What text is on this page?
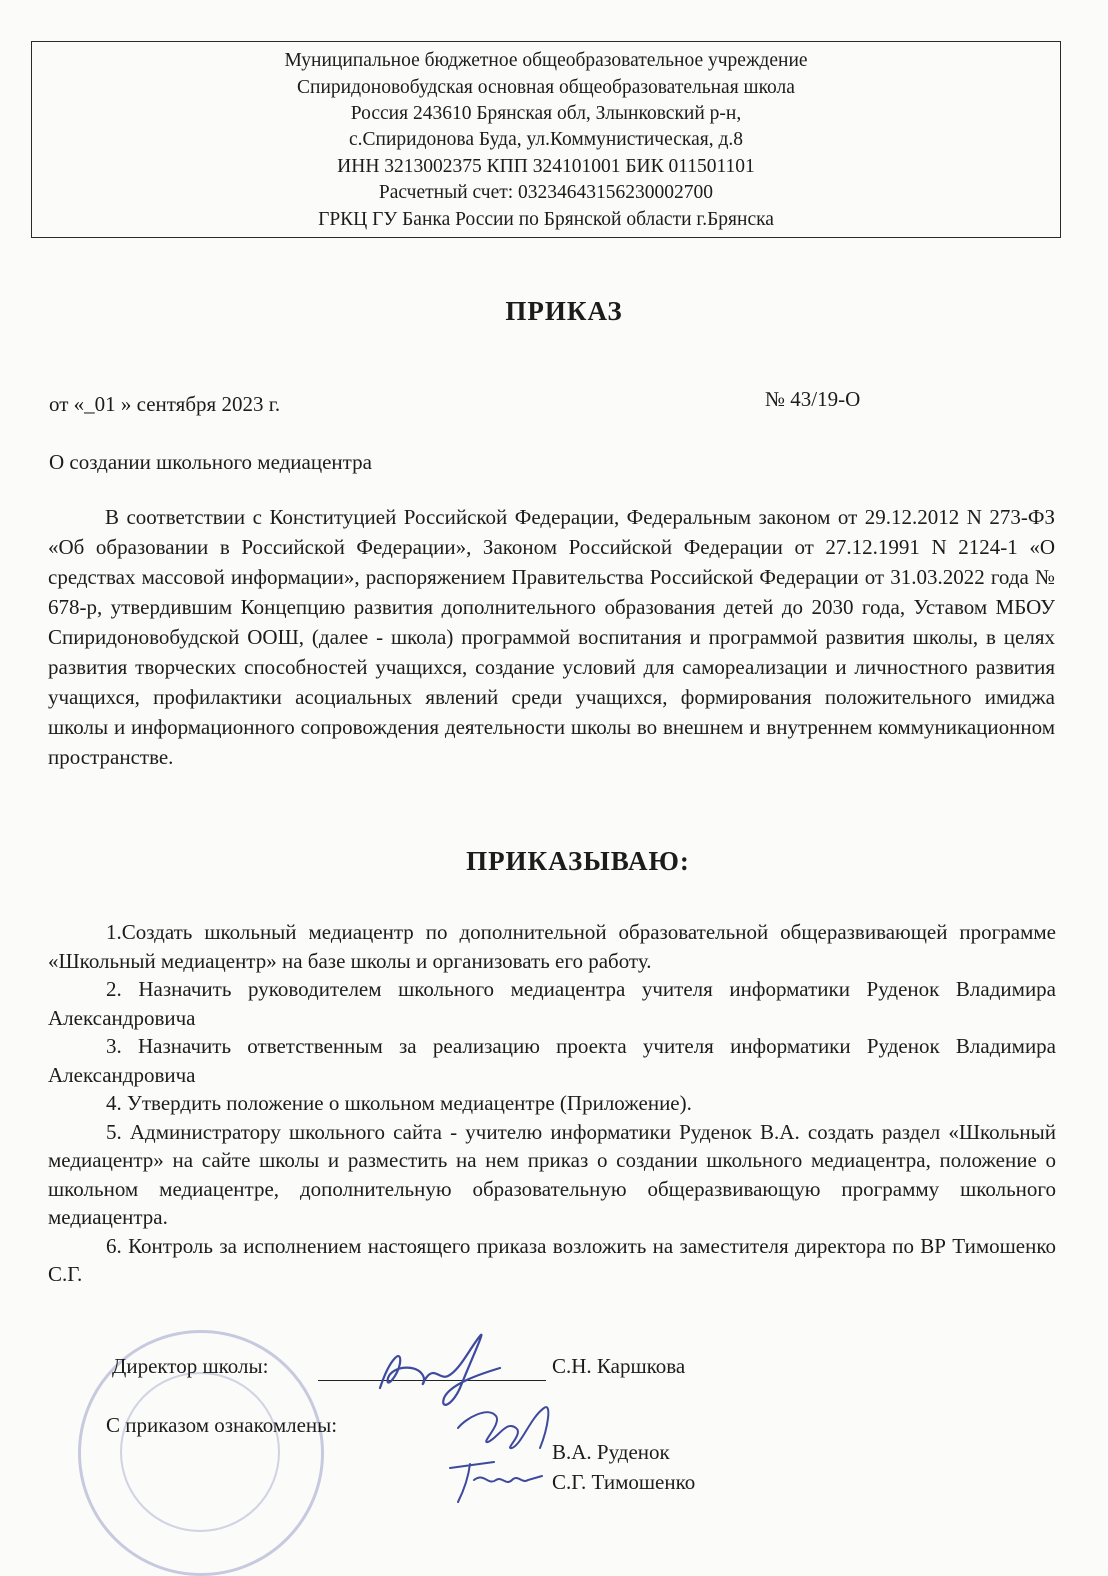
Муниципальное бюджетное общеобразовательное учреждение
Спиридоновобудская основная общеобразовательная школа
Россия 243610 Брянская обл, Злынковский р-н,
с.Спиридонова Буда, ул.Коммунистическая, д.8
ИНН 3213002375 КПП 324101001 БИК 011501101
Расчетный счет: 03234643156230002700
ГРКЦ ГУ Банка России по Брянской области г.Брянска
ПРИКАЗ
от «_01 » сентября 2023 г.	№ 43/19-О
О создании школьного медиацентра

В соответствии с Конституцией Российской Федерации, Федеральным законом от 29.12.2012 N 273-ФЗ «Об образовании в Российской Федерации», Законом Российской Федерации от 27.12.1991 N 2124-1 «О средствах массовой информации», распоряжением Правительства Российской Федерации от 31.03.2022 года № 678-р, утвердившим Концепцию развития дополнительного образования детей до 2030 года, Уставом МБОУ Спиридоновобудской ООШ, (далее - школа) программой воспитания и программой развития школы, в целях развития творческих способностей учащихся, создание условий для самореализации и личностного развития учащихся, профилактики асоциальных явлений среди учащихся, формирования положительного имиджа школы и информационного сопровождения деятельности школы во внешнем и внутреннем коммуникационном пространстве.

ПРИКАЗЫВАЮ:

1.Создать школьный медиацентр по дополнительной образовательной общеразвивающей программе «Школьный медиацентр» на базе школы и организовать его работу.

2. Назначить руководителем школьного медиацентра учителя информатики Руденок Владимира Александровича

3. Назначить ответственным за реализацию проекта учителя информатики Руденок Владимира Александровича

4. Утвердить положение о школьном медиацентре (Приложение).

5. Администратору школьного сайта - учителю информатики Руденок В.А. создать раздел «Школьный медиацентр» на сайте школы и разместить на нем приказ о создании школьного медиацентра, положение о школьном медиацентре, дополнительную образовательную общеразвивающую программу школьного медиацентра.

6. Контроль за исполнением настоящего приказа возложить на заместителя директора по ВР Тимошенко С.Г.

Директор школы:	С.Н. Каршкова
С приказом ознакомлены:
В.А. Руденок
С.Г. Тимошенко
